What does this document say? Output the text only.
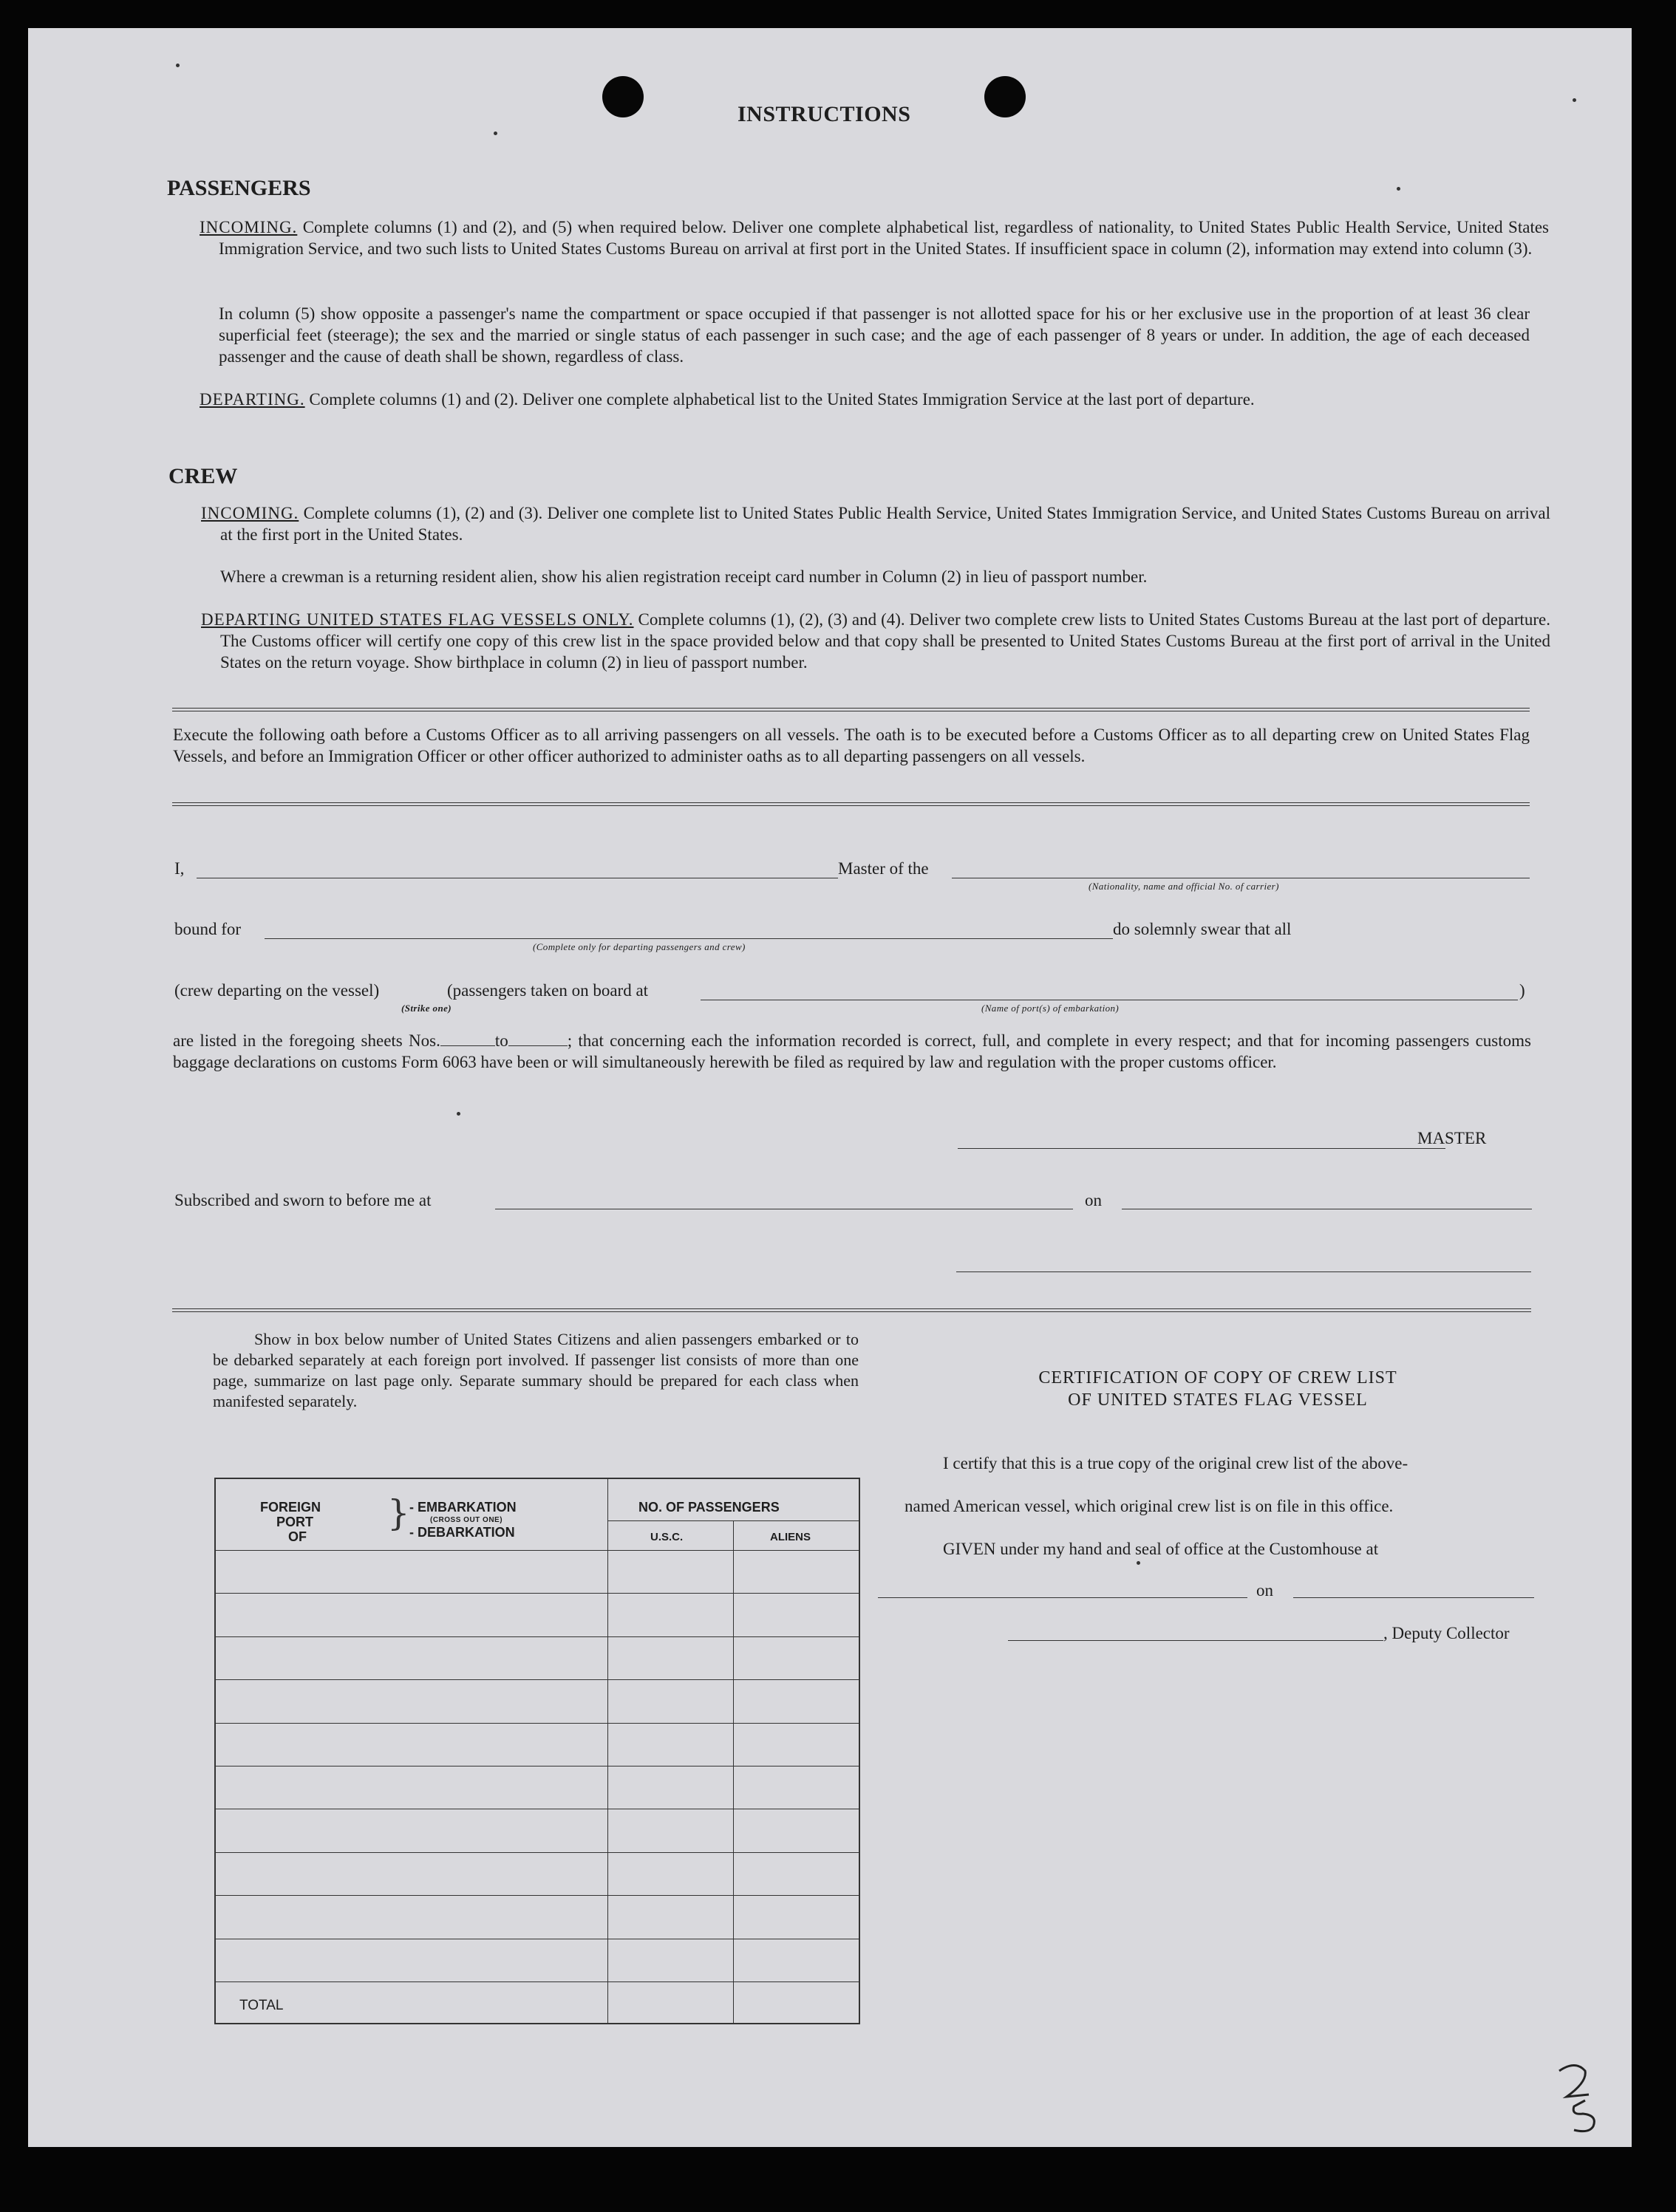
INSTRUCTIONS
PASSENGERS
INCOMING. Complete columns (1) and (2), and (5) when required below. Deliver one complete alphabetical list, regardless of nationality, to United States Public Health Service, United States Immigration Service, and two such lists to United States Customs Bureau on arrival at first port in the United States. If insufficient space in column (2), information may extend into column (3).
In column (5) show opposite a passenger's name the compartment or space occupied if that passenger is not allotted space for his or her exclusive use in the proportion of at least 36 clear superficial feet (steerage); the sex and the married or single status of each passenger in such case; and the age of each passenger of 8 years or under. In addition, the age of each deceased passenger and the cause of death shall be shown, regardless of class.
DEPARTING. Complete columns (1) and (2). Deliver one complete alphabetical list to the United States Immigration Service at the last port of departure.
CREW
INCOMING. Complete columns (1), (2) and (3). Deliver one complete list to United States Public Health Service, United States Immigration Service, and United States Customs Bureau on arrival at the first port in the United States.
Where a crewman is a returning resident alien, show his alien registration receipt card number in Column (2) in lieu of passport number.
DEPARTING UNITED STATES FLAG VESSELS ONLY. Complete columns (1), (2), (3) and (4). Deliver two complete crew lists to United States Customs Bureau at the last port of departure. The Customs officer will certify one copy of this crew list in the space provided below and that copy shall be presented to United States Customs Bureau at the first port of arrival in the United States on the return voyage. Show birthplace in column (2) in lieu of passport number.
Execute the following oath before a Customs Officer as to all arriving passengers on all vessels. The oath is to be executed before a Customs Officer as to all departing crew on United States Flag Vessels, and before an Immigration Officer or other officer authorized to administer oaths as to all departing passengers on all vessels.
I,	Master of the
(Nationality, name and official No. of carrier)
bound for
(Complete only for departing passengers and crew)
do solemnly swear that all
(crew departing on the vessel)	(passengers taken on board at	)
(Strike one)	(Name of port(s) of embarkation)
are listed in the foregoing sheets Nos.	to	; that concerning each the information recorded is correct, full, and complete in every respect; and that for incoming passengers customs baggage declarations on customs Form 6063 have been or will simultaneously herewith be filed as required by law and regulation with the proper customs officer.
MASTER
Subscribed and sworn to before me at	on
Show in box below number of United States Citizens and alien passengers embarked or to be debarked separately at each foreign port involved. If passenger list consists of more than one page, summarize on last page only. Separate summary should be prepared for each class when manifested separately.
FOREIGN
PORT
OF
} - EMBARKATION
(CROSS OUT ONE)
- DEBARKATION
NO. OF PASSENGERS
U.S.C.	ALIENS
TOTAL
CERTIFICATION OF COPY OF CREW LIST
OF UNITED STATES FLAG VESSEL
I certify that this is a true copy of the original crew list of the above-
named American vessel, which original crew list is on file in this office.
GIVEN under my hand and seal of office at the Customhouse at
on
, Deputy Collector
